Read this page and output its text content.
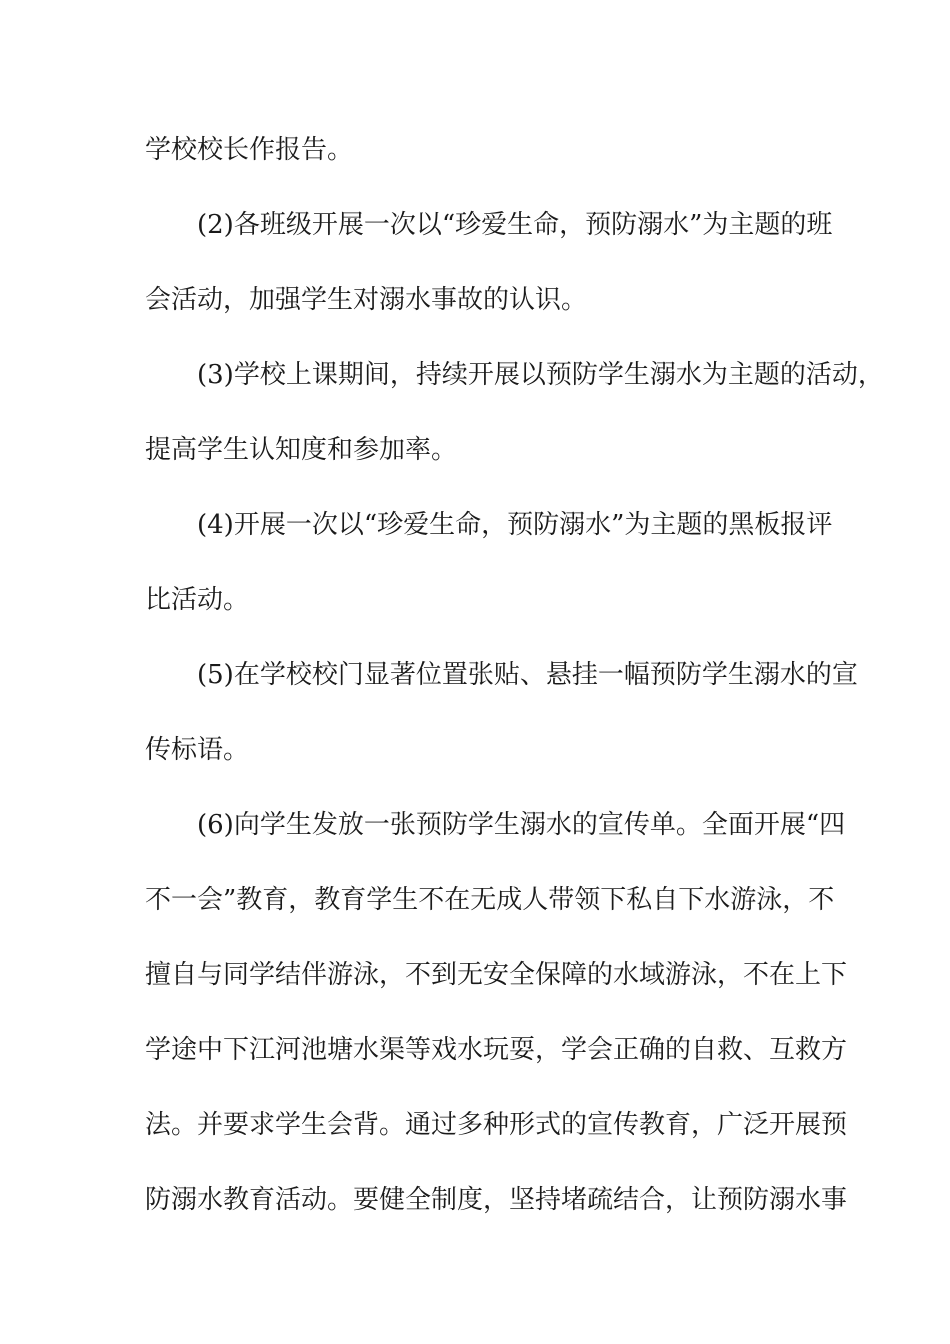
学校校长作报告。
(2)各班级开展一次以“珍爱生命，预防溺水”为主题的班
会活动，加强学生对溺水事故的认识。
(3)学校上课期间，持续开展以预防学生溺水为主题的活动，
提高学生认知度和参加率。
(4)开展一次以“珍爱生命，预防溺水”为主题的黑板报评
比活动。
(5)在学校校门显著位置张贴、悬挂一幅预防学生溺水的宣
传标语。
(6)向学生发放一张预防学生溺水的宣传单。全面开展“四
不一会”教育，教育学生不在无成人带领下私自下水游泳，不
擅自与同学结伴游泳，不到无安全保障的水域游泳，不在上下
学途中下江河池塘水渠等戏水玩耍，学会正确的自救、互救方
法。并要求学生会背。通过多种形式的宣传教育，广泛开展预
防溺水教育活动。要健全制度，坚持堵疏结合，让预防溺水事
